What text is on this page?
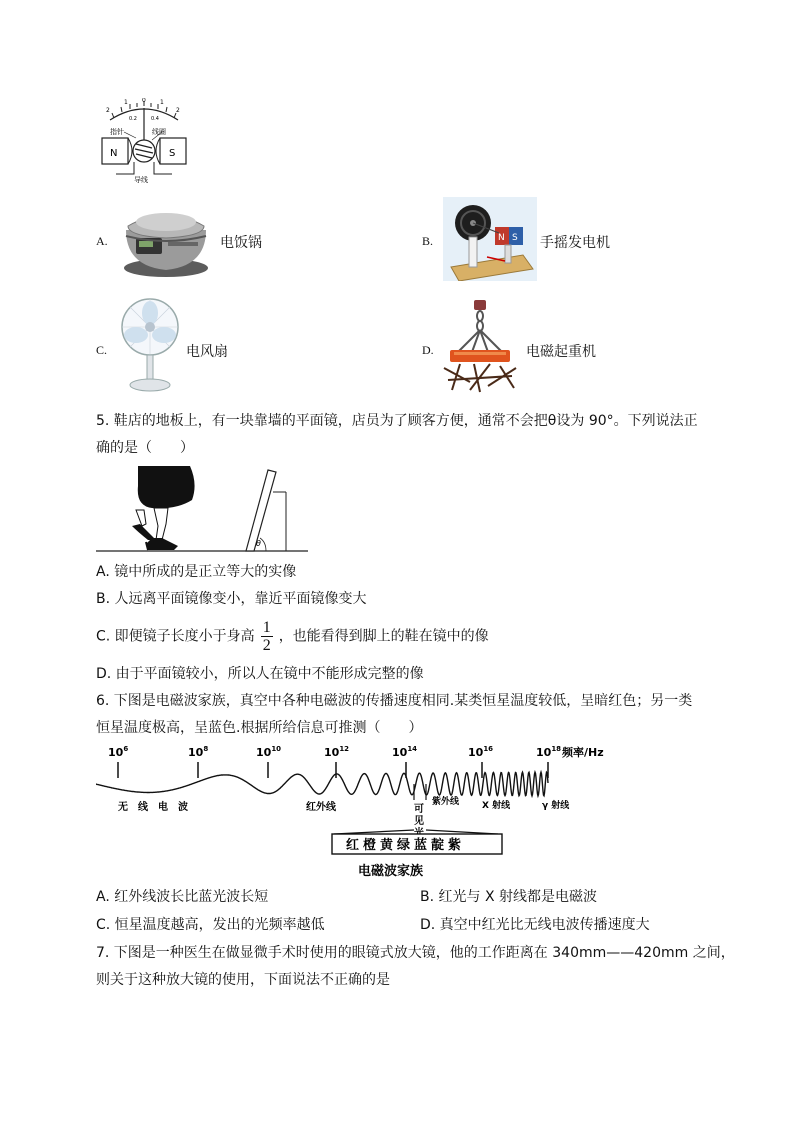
2
1 0 1
2
0.2	0.4
指针	线圈
N	S
导线
A.	电饭锅	B.	N S 手摇发电机
C.	电风扇	D.	电磁起重机
5. 鞋店的地板上，有一块靠墙的平面镜，店员为了顾客方便，通常不会把θ设为 90°。下列说法正
确的是（　　）
θ
A. 镜中所成的是正立等大的实像
B. 人远离平面镜像变小，靠近平面镜像变大
C. 即便镜子长度小于身高 $\frac{1}{2}$ ，也能看得到脚上的鞋在镜中的像
D. 由于平面镜较小，所以人在镜中不能形成完整的像
6. 下图是电磁波家族，真空中各种电磁波的传播速度相同.某类恒星温度较低，呈暗红色；另一类
恒星温度极高，呈蓝色.根据所给信息可推测（　　）
$10^6$	$10^8$	$10^{10}$	$10^{12}$	$10^{14}$	$10^{16}$	$10^{18}$ 频率/Hz
无　线　电　波	红外线	紫外线	X 射线	γ 射线
可
见
红橙黄绿蓝靛紫
电磁波家族
A. 红外线波长比蓝光波长短	B. 红光与 X 射线都是电磁波
C. 恒星温度越高，发出的光频率越低	D. 真空中红光比无线电波传播速度大
7. 下图是一种医生在做显微手术时使用的眼镜式放大镜，他的工作距离在 340mm——420mm 之间，
则关于这种放大镜的使用，下面说法不正确的是
